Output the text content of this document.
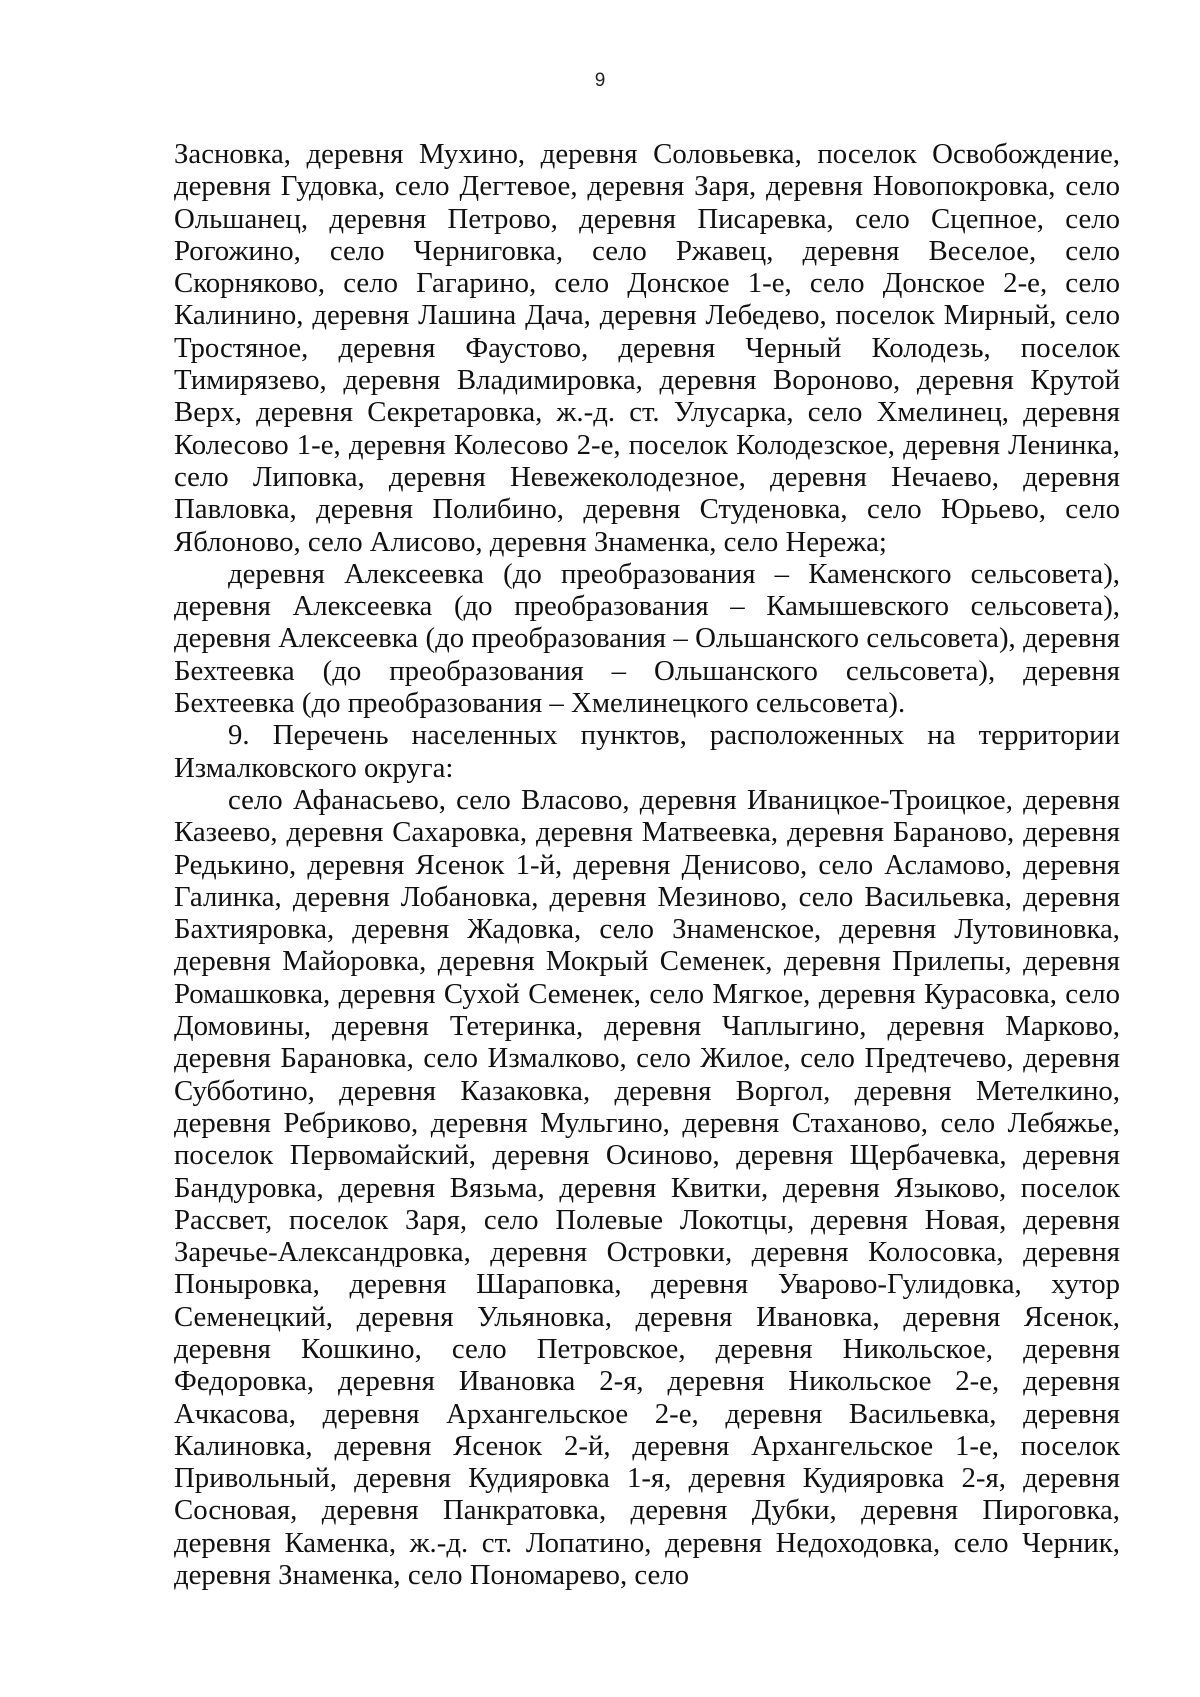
9

Засновка, деревня Мухино, деревня Соловьевка, поселок Освобождение, деревня Гудовка, село Дегтевое, деревня Заря, деревня Новопокровка, село Ольшанец, деревня Петрово, деревня Писаревка, село Сцепное, село Рогожино, село Черниговка, село Ржавец, деревня Веселое, село Скорняково, село Гагарино, село Донское 1-е, село Донское 2-е, село Калинино, деревня Лашина Дача, деревня Лебедево, поселок Мирный, село Тростяное, деревня Фаустово, деревня Черный Колодезь, поселок Тимирязево, деревня Владимировка, деревня Вороново, деревня Крутой Верх, деревня Секретаровка, ж.-д. ст. Улусарка, село Хмелинец, деревня Колесово 1-е, деревня Колесово 2-е, поселок Колодезское, деревня Ленинка, село Липовка, деревня Невежеколодезное, деревня Нечаево, деревня Павловка, деревня Полибино, деревня Студеновка, село Юрьево, село Яблоново, село Алисово, деревня Знаменка, село Нережа;

деревня Алексеевка (до преобразования – Каменского сельсовета), деревня Алексеевка (до преобразования – Камышевского сельсовета), деревня Алексеевка (до преобразования – Ольшанского сельсовета), деревня Бехтеевка (до преобразования – Ольшанского сельсовета), деревня Бехтеевка (до преобразования – Хмелинецкого сельсовета).

9. Перечень населенных пунктов, расположенных на территории Измалковского округа:

село Афанасьево, село Власово, деревня Иваницкое-Троицкое, деревня Казеево, деревня Сахаровка, деревня Матвеевка, деревня Бараново, деревня Редькино, деревня Ясенок 1-й, деревня Денисово, село Асламово, деревня Галинка, деревня Лобановка, деревня Мезиново, село Васильевка, деревня Бахтияровка, деревня Жадовка, село Знаменское, деревня Лутовиновка, деревня Майоровка, деревня Мокрый Семенек, деревня Прилепы, деревня Ромашковка, деревня Сухой Семенек, село Мягкое, деревня Курасовка, село Домовины, деревня Тетеринка, деревня Чаплыгино, деревня Марково, деревня Барановка, село Измалково, село Жилое, село Предтечево, деревня Субботино, деревня Казаковка, деревня Воргол, деревня Метелкино, деревня Ребриково, деревня Мульгино, деревня Стаханово, село Лебяжье, поселок Первомайский, деревня Осиново, деревня Щербачевка, деревня Бандуровка, деревня Вязьма, деревня Квитки, деревня Языково, поселок Рассвет, поселок Заря, село Полевые Локотцы, деревня Новая, деревня Заречье-Александровка, деревня Островки, деревня Колосовка, деревня Поныровка, деревня Шараповка, деревня Уварово-Гулидовка, хутор Семенецкий, деревня Ульяновка, деревня Ивановка, деревня Ясенок, деревня Кошкино, село Петровское, деревня Никольское, деревня Федоровка, деревня Ивановка 2-я, деревня Никольское 2-е, деревня Ачкасова, деревня Архангельское 2-е, деревня Васильевка, деревня Калиновка, деревня Ясенок 2-й, деревня Архангельское 1-е, поселок Привольный, деревня Кудияровка 1-я, деревня Кудияровка 2-я, деревня Сосновая, деревня Панкратовка, деревня Дубки, деревня Пироговка, деревня Каменка, ж.-д. ст. Лопатино, деревня Недоходовка, село Черник, деревня Знаменка, село Пономарево, село
